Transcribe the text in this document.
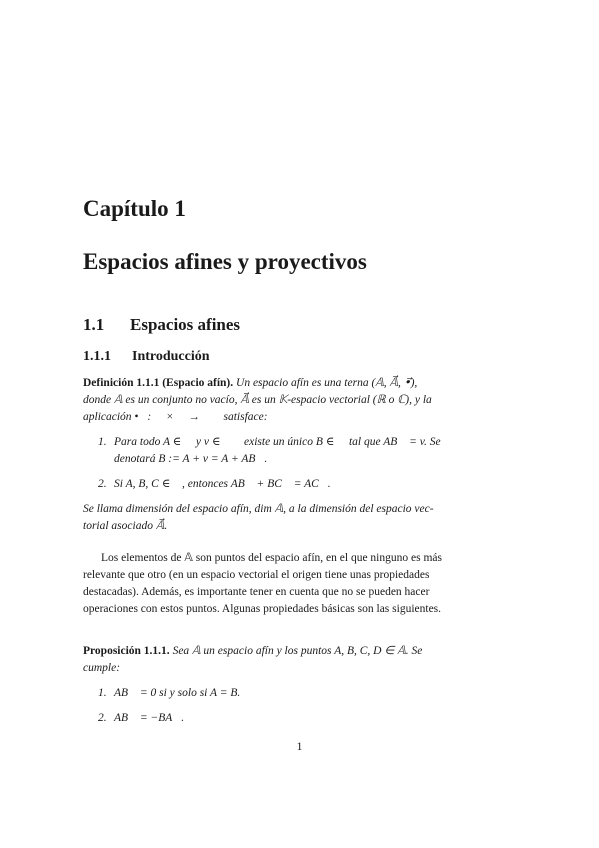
Capítulo 1
Espacios afines y proyectivos
1.1 Espacios afines
1.1.1 Introducción
Definición 1.1.1 (Espacio afín). Un espacio afín es una terna (𝔸, 𝔸⃗, •⃗),
donde 𝔸 es un conjunto no vacío, 𝔸⃗ es un 𝕂-espacio vectorial (ℝ o ℂ), y la
aplicación •⃗: 𝔸 × 𝔸 → 𝔸⃗ satisface:
1. Para todo A ∈ 𝔸 y v ∈ 𝔸⃗ existe un único B ∈ 𝔸 tal que AB⃗ = v. Se
denotará B := A + v = A + AB⃗.
2. Si A, B, C ∈ 𝔸, entonces AB⃗ + BC⃗ = AC⃗.
Se llama dimensión del espacio afín, dim 𝔸, a la dimensión del espacio vec-
torial asociado 𝔸⃗.
Los elementos de 𝔸 son puntos del espacio afín, en el que ninguno es más
relevante que otro (en un espacio vectorial el origen tiene unas propiedades
destacadas). Además, es importante tener en cuenta que no se pueden hacer
operaciones con estos puntos. Algunas propiedades básicas son las siguientes.
Proposición 1.1.1. Sea 𝔸 un espacio afín y los puntos A, B, C, D ∈ 𝔸. Se
cumple:
1. AB⃗ = 0 si y solo si A = B.
2. AB⃗ = −BA⃗.
1
